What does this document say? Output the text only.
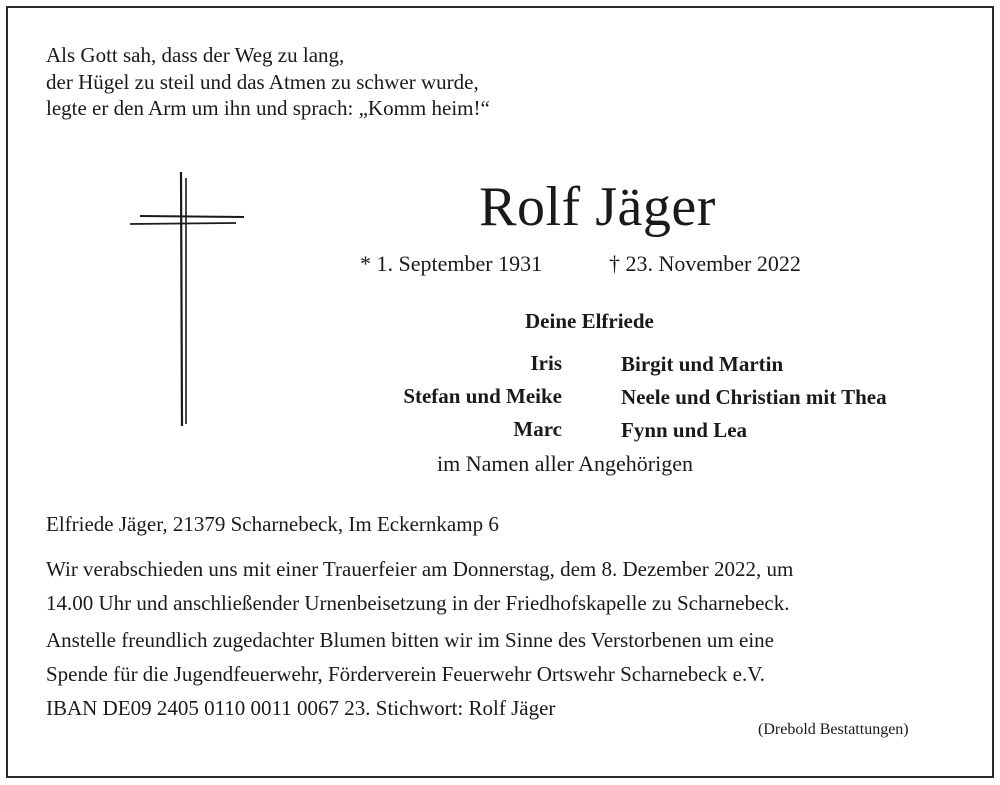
Als Gott sah, dass der Weg zu lang,
der Hügel zu steil und das Atmen zu schwer wurde,
legte er den Arm um ihn und sprach: „Komm heim!“
Rolf Jäger
* 1. September 1931	† 23. November 2022
Deine Elfriede
Iris
Stefan und Meike
Marc
Birgit und Martin
Neele und Christian mit Thea
Fynn und Lea
im Namen aller Angehörigen
Elfriede Jäger, 21379 Scharnebeck, Im Eckernkamp 6
Wir verabschieden uns mit einer Trauerfeier am Donnerstag, dem 8. Dezember 2022, um
14.00 Uhr und anschließender Urnenbeisetzung in der Friedhofskapelle zu Scharnebeck.
Anstelle freundlich zugedachter Blumen bitten wir im Sinne des Verstorbenen um eine
Spende für die Jugendfeuerwehr, Förderverein Feuerwehr Ortswehr Scharnebeck e.V.
IBAN DE09 2405 0110 0011 0067 23. Stichwort: Rolf Jäger
(Drebold Bestattungen)
